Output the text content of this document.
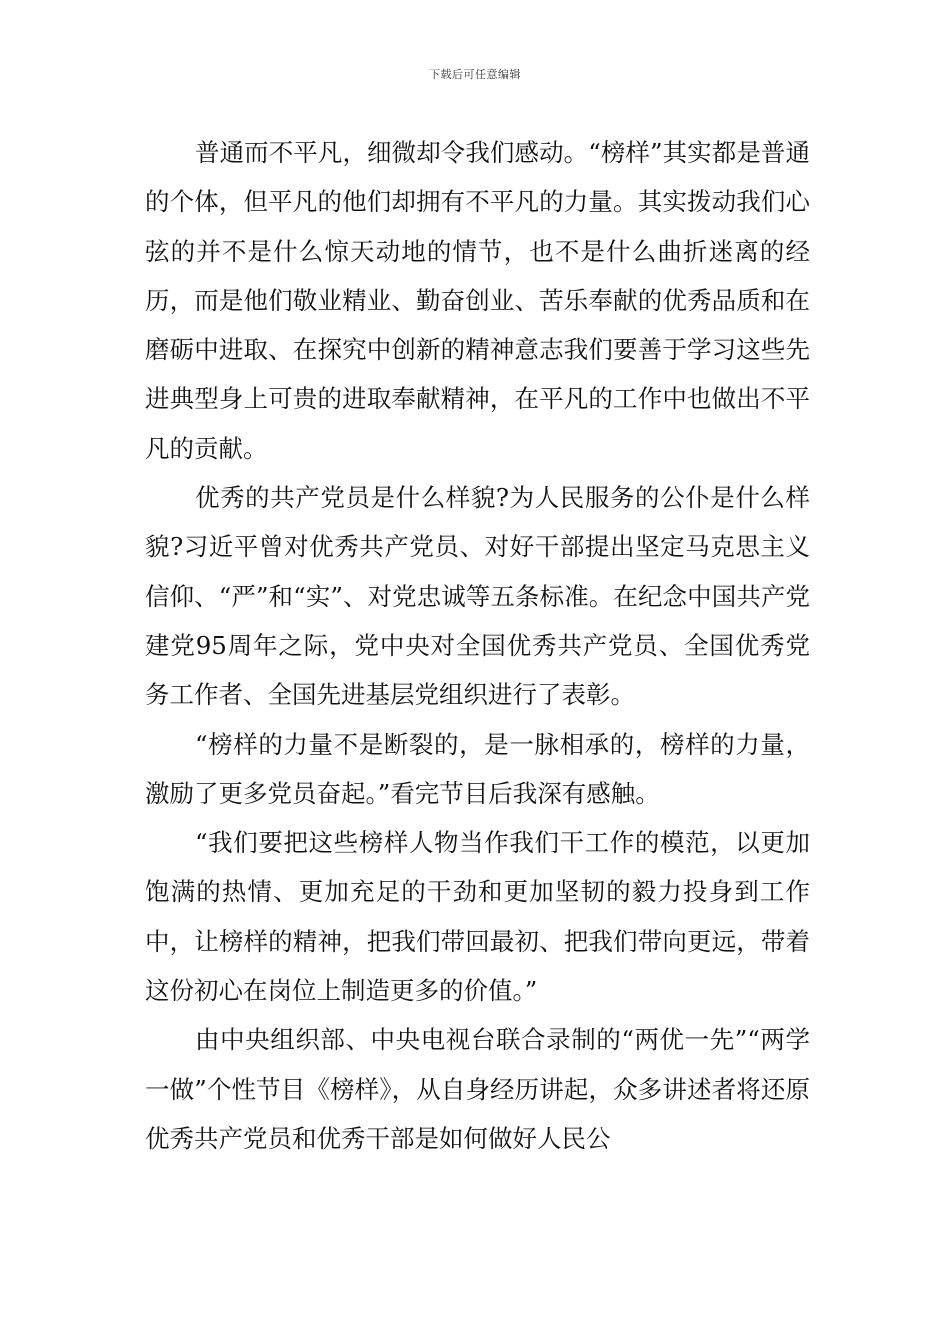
下载后可任意编辑

普通而不平凡，细微却令我们感动。“榜样”其实都是普通的个体，但平凡的他们却拥有不平凡的力量。其实拨动我们心弦的并不是什么惊天动地的情节，也不是什么曲折迷离的经历，而是他们敬业精业、勤奋创业、苦乐奉献的优秀品质和在磨砺中进取、在探究中创新的精神意志我们要善于学习这些先进典型身上可贵的进取奉献精神，在平凡的工作中也做出不平凡的贡献。

优秀的共产党员是什么样貌?为人民服务的公仆是什么样貌?习近平曾对优秀共产党员、对好干部提出坚定马克思主义信仰、“严”和“实”、对党忠诚等五条标准。在纪念中国共产党建党95周年之际，党中央对全国优秀共产党员、全国优秀党务工作者、全国先进基层党组织进行了表彰。

“榜样的力量不是断裂的，是一脉相承的，榜样的力量，激励了更多党员奋起。”看完节目后我深有感触。

“我们要把这些榜样人物当作我们干工作的模范，以更加饱满的热情、更加充足的干劲和更加坚韧的毅力投身到工作中，让榜样的精神，把我们带回最初、把我们带向更远，带着这份初心在岗位上制造更多的价值。”

由中央组织部、中央电视台联合录制的“两优一先”“两学一做”个性节目《榜样》，从自身经历讲起，众多讲述者将还原优秀共产党员和优秀干部是如何做好人民公
